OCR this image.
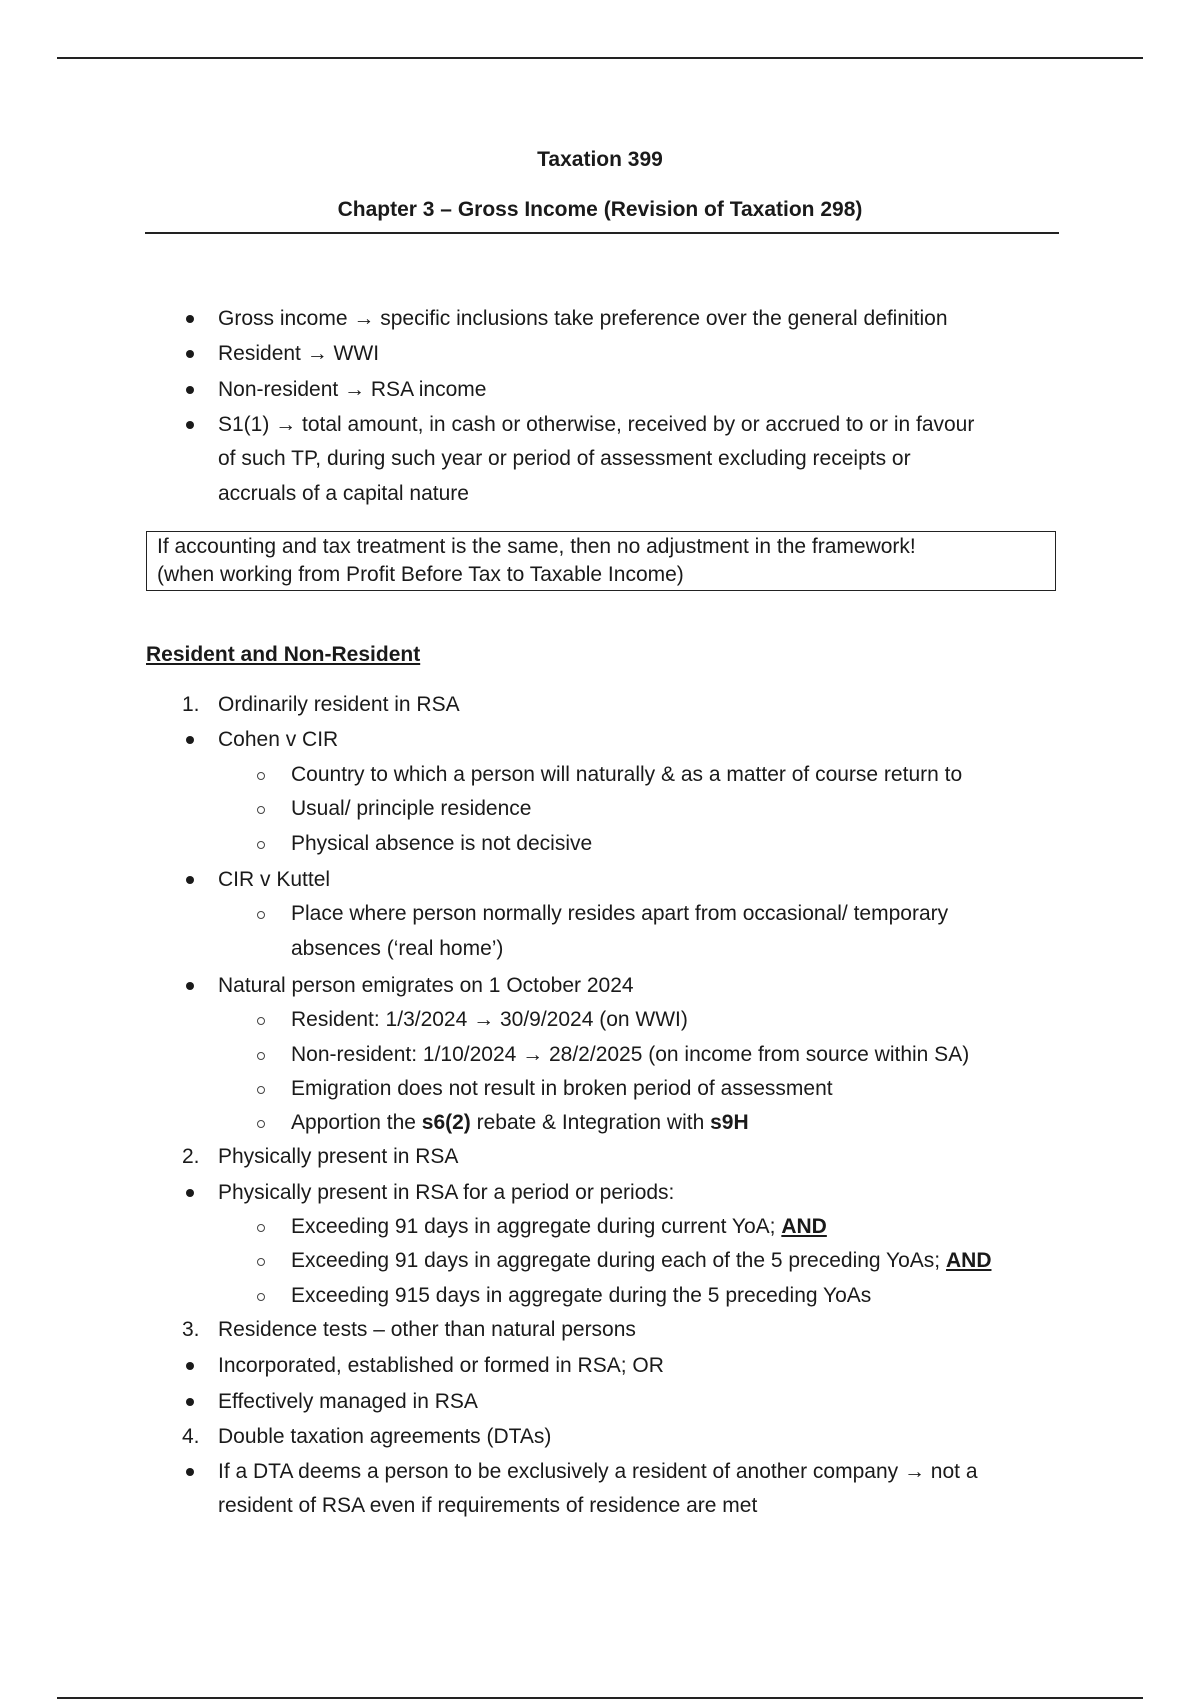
Taxation 399
Chapter 3 – Gross Income (Revision of Taxation 298)
Gross income → specific inclusions take preference over the general definition
Resident → WWI
Non-resident → RSA income
S1(1) → total amount, in cash or otherwise, received by or accrued to or in favour
of such TP, during such year or period of assessment excluding receipts or
accruals of a capital nature
If accounting and tax treatment is the same, then no adjustment in the framework!
(when working from Profit Before Tax to Taxable Income)
Resident and Non-Resident
1. Ordinarily resident in RSA
Cohen v CIR
Country to which a person will naturally & as a matter of course return to
Usual/ principle residence
Physical absence is not decisive
CIR v Kuttel
Place where person normally resides apart from occasional/ temporary
absences (‘real home’)
Natural person emigrates on 1 October 2024
Resident: 1/3/2024 → 30/9/2024 (on WWI)
Non-resident: 1/10/2024 → 28/2/2025 (on income from source within SA)
Emigration does not result in broken period of assessment
Apportion the s6(2) rebate & Integration with s9H
2. Physically present in RSA
Physically present in RSA for a period or periods:
Exceeding 91 days in aggregate during current YoA; AND
Exceeding 91 days in aggregate during each of the 5 preceding YoAs; AND
Exceeding 915 days in aggregate during the 5 preceding YoAs
3. Residence tests – other than natural persons
Incorporated, established or formed in RSA; OR
Effectively managed in RSA
4. Double taxation agreements (DTAs)
If a DTA deems a person to be exclusively a resident of another company → not a
resident of RSA even if requirements of residence are met
